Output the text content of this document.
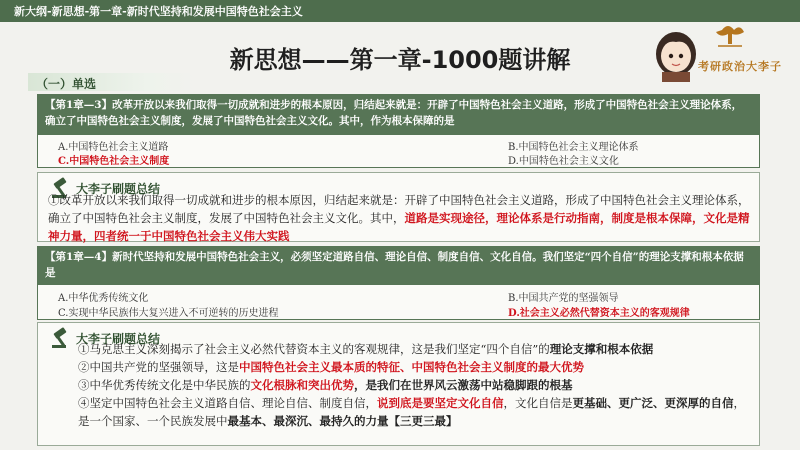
新大纲-新思想-第一章-新时代坚持和发展中国特色社会主义
新思想——第一章-1000题讲解
（一）单选
考研政治大李子
【第1章—3】改革开放以来我们取得一切成就和进步的根本原因，归结起来就是：开辟了中国特色社会主义道路，形成了中国特色社会主义理论体系，确立了中国特色社会主义制度，发展了中国特色社会主义文化。其中，作为根本保障的是
A.中国特色社会主义道路	B.中国特色社会主义理论体系
C.中国特色社会主义制度	D.中国特色社会主义文化
大李子刷题总结
①改革开放以来我们取得一切成就和进步的根本原因，归结起来就是：开辟了中国特色社会主义道路，形成了中国特色社会主义理论体系，确立了中国特色社会主义制度，发展了中国特色社会主义文化。其中，道路是实现途径，理论体系是行动指南，制度是根本保障，文化是精神力量，四者统一于中国特色社会主义伟大实践
【第1章—4】新时代坚持和发展中国特色社会主义，必须坚定道路自信、理论自信、制度自信、文化自信。我们坚定“四个自信”的理论支撑和根本依据是
A.中华优秀传统文化	B.中国共产党的坚强领导
C.实现中华民族伟大复兴进入不可逆转的历史进程	D.社会主义必然代替资本主义的客观规律
大李子刷题总结
①马克思主义深刻揭示了社会主义必然代替资本主义的客观规律，这是我们坚定“四个自信”的理论支撑和根本依据
②中国共产党的坚强领导，这是中国特色社会主义最本质的特征、中国特色社会主义制度的最大优势
③中华优秀传统文化是中华民族的文化根脉和突出优势，是我们在世界风云激荡中站稳脚跟的根基
④坚定中国特色社会主义道路自信、理论自信、制度自信，说到底是要坚定文化自信，文化自信是更基础、更广泛、更深厚的自信，是一个国家、一个民族发展中最基本、最深沉、最持久的力量【三更三最】
